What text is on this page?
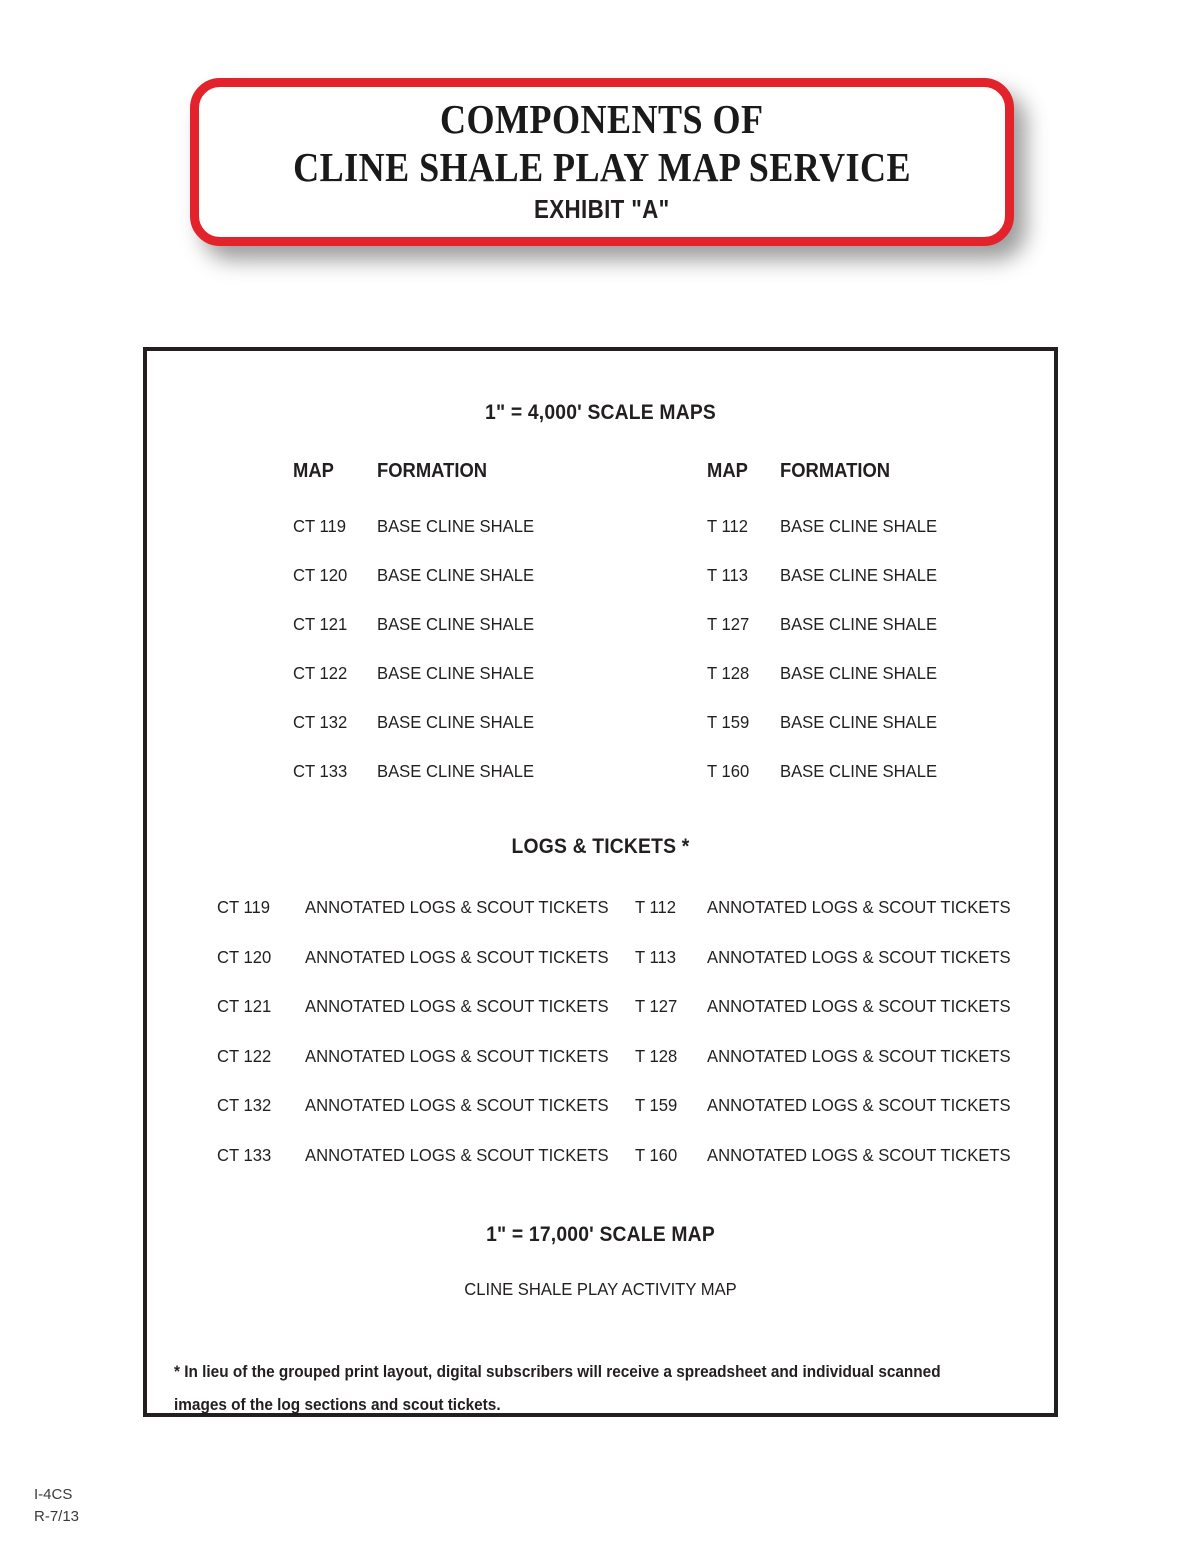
COMPONENTS OF
CLINE SHALE PLAY MAP SERVICE
EXHIBIT "A"
1" = 4,000' SCALE MAPS
	MAP	FORMATION	MAP	FORMATION
	CT 119	BASE CLINE SHALE	T 112	BASE CLINE SHALE
	CT 120	BASE CLINE SHALE	T 113	BASE CLINE SHALE
	CT 121	BASE CLINE SHALE	T 127	BASE CLINE SHALE
	CT 122	BASE CLINE SHALE	T 128	BASE CLINE SHALE
	CT 132	BASE CLINE SHALE	T 159	BASE CLINE SHALE
	CT 133	BASE CLINE SHALE	T 160	BASE CLINE SHALE
LOGS & TICKETS *
	CT 119	ANNOTATED LOGS & SCOUT TICKETS	T 112	ANNOTATED LOGS & SCOUT TICKETS
	CT 120	ANNOTATED LOGS & SCOUT TICKETS	T 113	ANNOTATED LOGS & SCOUT TICKETS
	CT 121	ANNOTATED LOGS & SCOUT TICKETS	T 127	ANNOTATED LOGS & SCOUT TICKETS
	CT 122	ANNOTATED LOGS & SCOUT TICKETS	T 128	ANNOTATED LOGS & SCOUT TICKETS
	CT 132	ANNOTATED LOGS & SCOUT TICKETS	T 159	ANNOTATED LOGS & SCOUT TICKETS
	CT 133	ANNOTATED LOGS & SCOUT TICKETS	T 160	ANNOTATED LOGS & SCOUT TICKETS
1" = 17,000' SCALE MAP
CLINE SHALE PLAY ACTIVITY MAP
* In lieu of the grouped print layout, digital subscribers will receive a spreadsheet and individual scanned images of the log sections and scout tickets.
I-4CS
R-7/13
